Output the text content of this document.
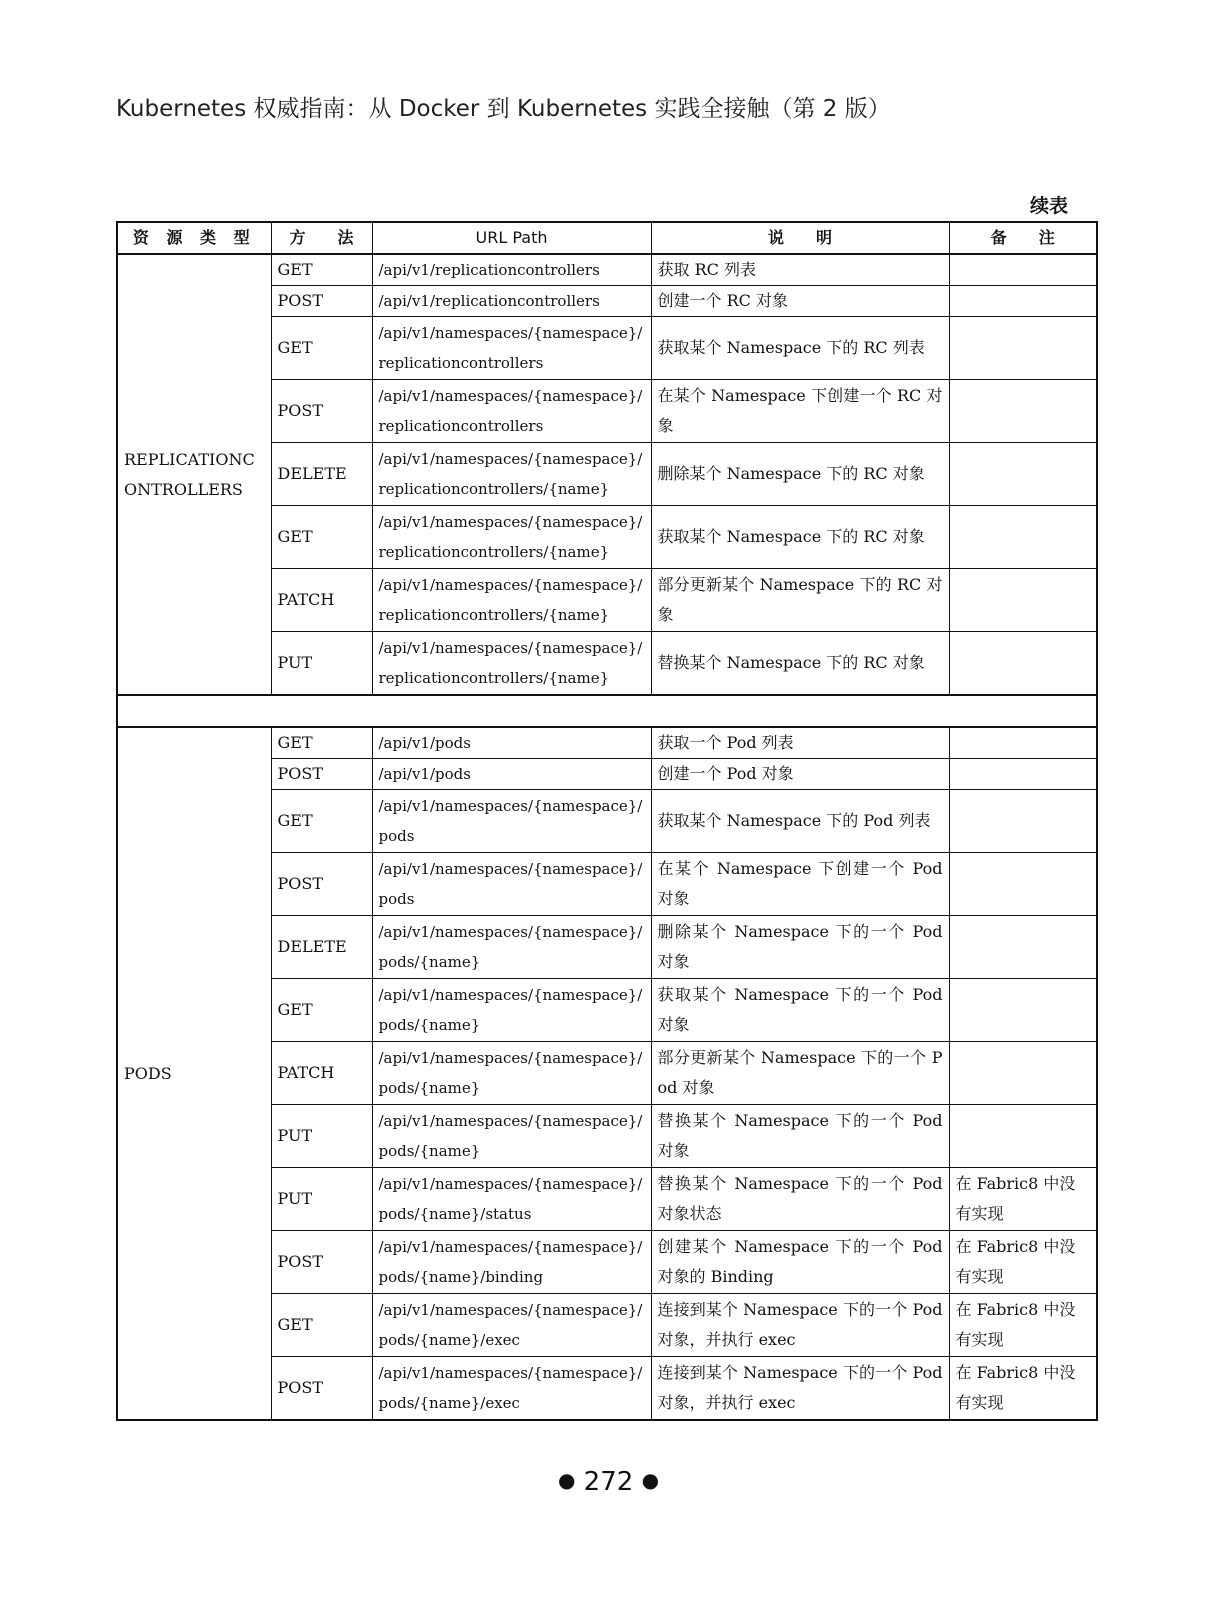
Kubernetes 权威指南：从 Docker 到 Kubernetes 实践全接触（第 2 版）
续表
资 源 类 型	方　　法	URL Path	说　　明	备　　注
REPLICATIONCONTROLLERS	GET	/api/v1/replicationcontrollers	获取 RC 列表	
	POST	/api/v1/replicationcontrollers	创建一个 RC 对象	
	GET	/api/v1/namespaces/{namespace}/replicationcontrollers	获取某个 Namespace 下的 RC 列表	
	POST	/api/v1/namespaces/{namespace}/replicationcontrollers	在某个 Namespace 下创建一个 RC 对象	
	DELETE	/api/v1/namespaces/{namespace}/replicationcontrollers/{name}	删除某个 Namespace 下的 RC 对象	
	GET	/api/v1/namespaces/{namespace}/replicationcontrollers/{name}	获取某个 Namespace 下的 RC 对象	
	PATCH	/api/v1/namespaces/{namespace}/replicationcontrollers/{name}	部分更新某个 Namespace 下的 RC 对象	
	PUT	/api/v1/namespaces/{namespace}/replicationcontrollers/{name}	替换某个 Namespace 下的 RC 对象	

PODS	GET	/api/v1/pods	获取一个 Pod 列表	
	POST	/api/v1/pods	创建一个 Pod 对象	
	GET	/api/v1/namespaces/{namespace}/pods	获取某个 Namespace 下的 Pod 列表	
	POST	/api/v1/namespaces/{namespace}/pods	在某个 Namespace 下创建一个 Pod 对象	
	DELETE	/api/v1/namespaces/{namespace}/pods/{name}	删除某个 Namespace 下的一个 Pod 对象	
	GET	/api/v1/namespaces/{namespace}/pods/{name}	获取某个 Namespace 下的一个 Pod 对象	
	PATCH	/api/v1/namespaces/{namespace}/pods/{name}	部分更新某个 Namespace 下的一个 Pod 对象	
	PUT	/api/v1/namespaces/{namespace}/pods/{name}	替换某个 Namespace 下的一个 Pod 对象	
	PUT	/api/v1/namespaces/{namespace}/pods/{name}/status	替换某个 Namespace 下的一个 Pod 对象状态	在 Fabric8 中没有实现
	POST	/api/v1/namespaces/{namespace}/pods/{name}/binding	创建某个 Namespace 下的一个 Pod 对象的 Binding	在 Fabric8 中没有实现
	GET	/api/v1/namespaces/{namespace}/pods/{name}/exec	连接到某个 Namespace 下的一个 Pod 对象，并执行 exec	在 Fabric8 中没有实现
	POST	/api/v1/namespaces/{namespace}/pods/{name}/exec	连接到某个 Namespace 下的一个 Pod 对象，并执行 exec	在 Fabric8 中没有实现
● 272 ●
